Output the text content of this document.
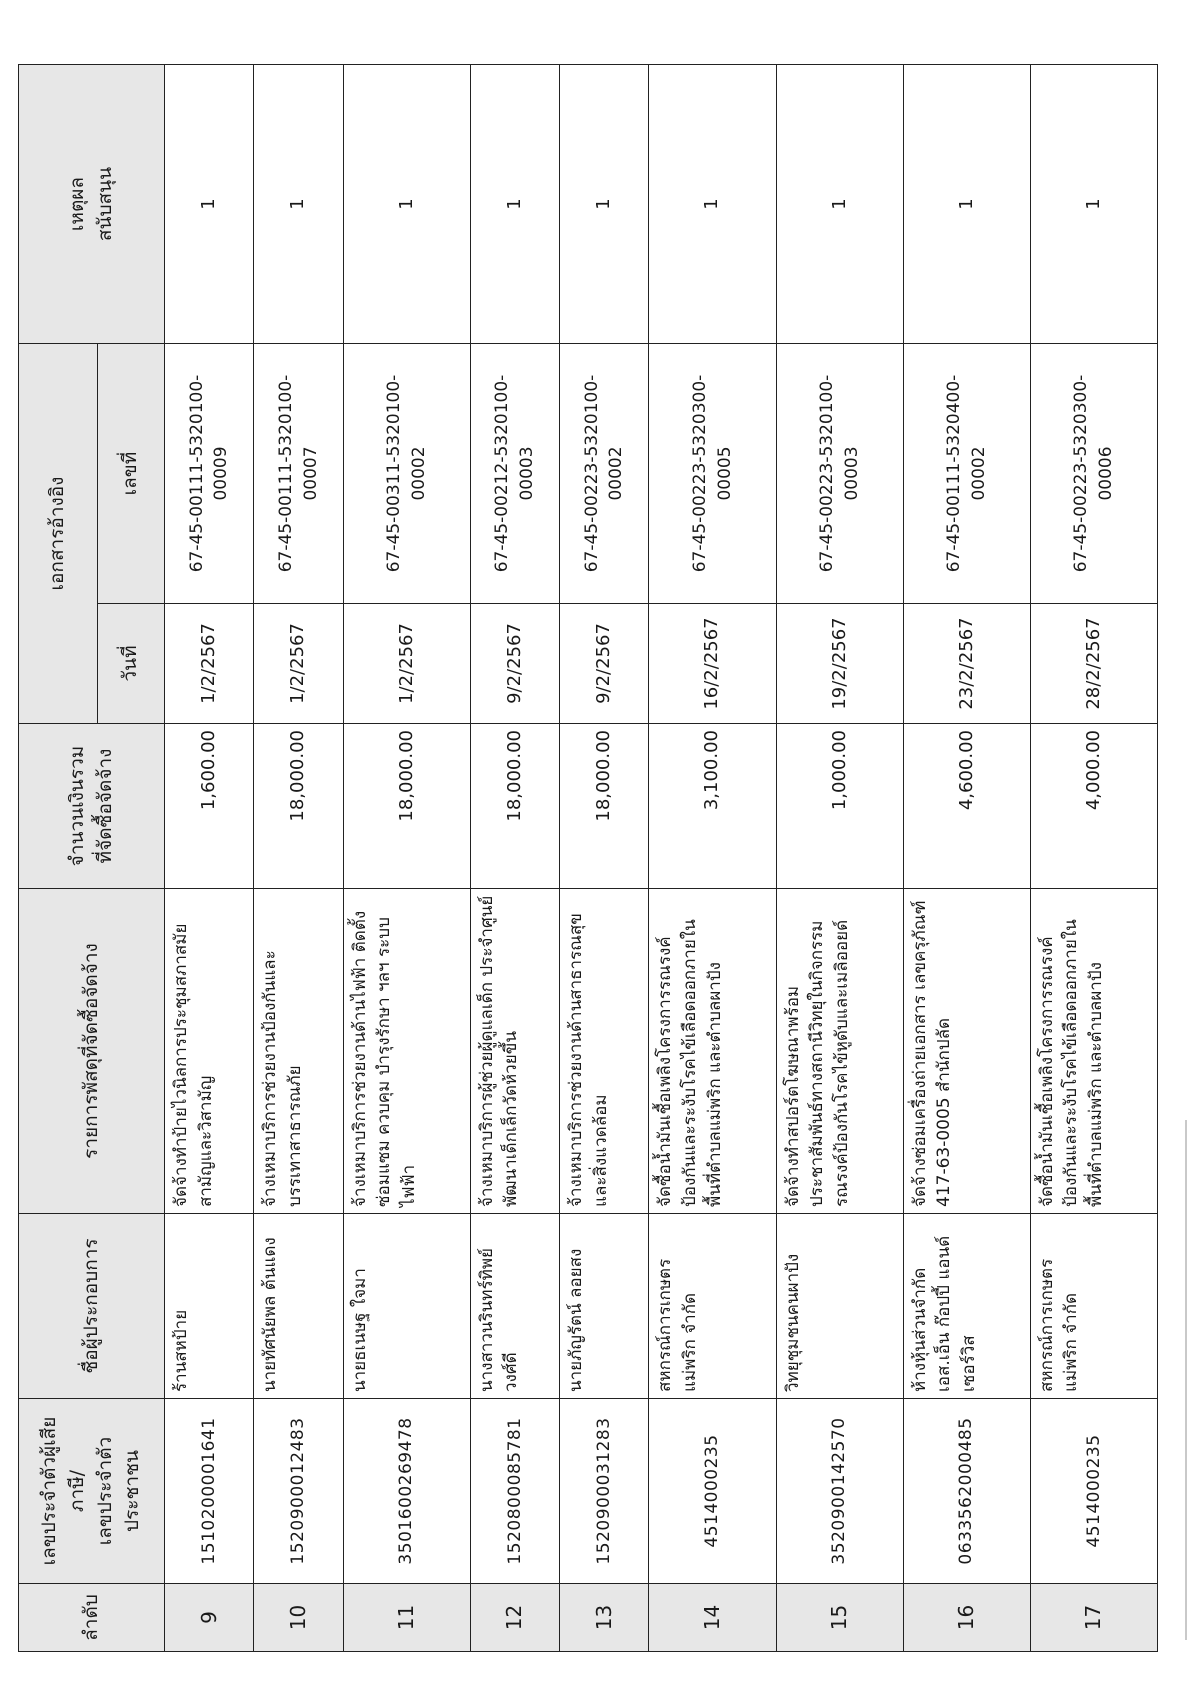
ลำดับ	เลขประจำตัวผู้เสียภาษี/ เลขประจำตัวประชาชน	ชื่อผู้ประกอบการ	รายการพัสดุที่จัดซื้อจัดจ้าง	จำนวนเงินรวม ที่จัดซื้อจัดจ้าง	เอกสารอ้างอิง		เหตุผล สนับสนุน

					วันที่	เลขที่	
9	1510200001641	ร้านสหป้าย	จัดจ้างทำป้ายไวนิลการประชุมสภาสมัยสามัญและวิสามัญ	1,600.00	1/2/2567	67-45-00111-5320100- 00009	1
10	1520900012483	นายทัศนัยพล ต้นแดง	จ้างเหมาบริการช่วยงานป้องกันและบรรเทาสาธารณภัย	18,000.00	1/2/2567	67-45-00111-5320100- 00007	1
11	3501600269478	นายธเนษฐ ใจมา	จ้างเหมาบริการช่วยงานด้านไฟฟ้า ติดตั้ง ซ่อมแซม ควบคุม บำรุงรักษา ฯลฯ ระบบไฟฟ้า	18,000.00	1/2/2567	67-45-00311-5320100- 00002	1
12	1520800085781	นางสาวนรินทร์ทิพย์ วงศ์ดี	จ้างเหมาบริการผู้ช่วยผู้ดูแลเด็ก ประจำศูนย์พัฒนาเด็กเล็กวัดห้วยขึ้น	18,000.00	9/2/2567	67-45-00212-5320100- 00003	1
13	1520900031283	นายภัญรัตน์ ลอยสง	จ้างเหมาบริการช่วยงานด้านสาธารณสุขและสิ่งแวดล้อม	18,000.00	9/2/2567	67-45-00223-5320100- 00002	1
14	4514000235	สหกรณ์การเกษตรแม่พริก จำกัด	จัดซื้อน้ำมันเชื้อเพลิงโครงการรณรงค์ป้องกันและระงับโรคไข้เลือดออกภายในพื้นที่ตำบลแม่พริก และตำบลผาปัง	3,100.00	16/2/2567	67-45-00223-5320300- 00005	1
15	3520900142570	วิทยุชุมชนคนผาปัง	จัดจ้างทำสปอร์ตโฆษณาพร้อมประชาสัมพันธ์ทางสถานีวิทยุในกิจกรรมรณรงค์ป้องกันโรคไข้หูดับและเมลิออยด์	1,000.00	19/2/2567	67-45-00223-5320100- 00003	1
16	0633562000485	ห้างหุ้นส่วนจำกัด เอส.เอ็น ก๊อปปี้ แอนด์ เซอร์วิส	จัดจ้างซ่อมเครื่องถ่ายเอกสาร เลขครุภัณฑ์ 417-63-0005 สำนักปลัด	4,600.00	23/2/2567	67-45-00111-5320400- 00002	1
17	4514000235	สหกรณ์การเกษตรแม่พริก จำกัด	จัดซื้อน้ำมันเชื้อเพลิงโครงการรณรงค์ป้องกันและระงับโรคไข้เลือดออกภายในพื้นที่ตำบลแม่พริก และตำบลผาปัง	4,000.00	28/2/2567	67-45-00223-5320300- 00006	1
